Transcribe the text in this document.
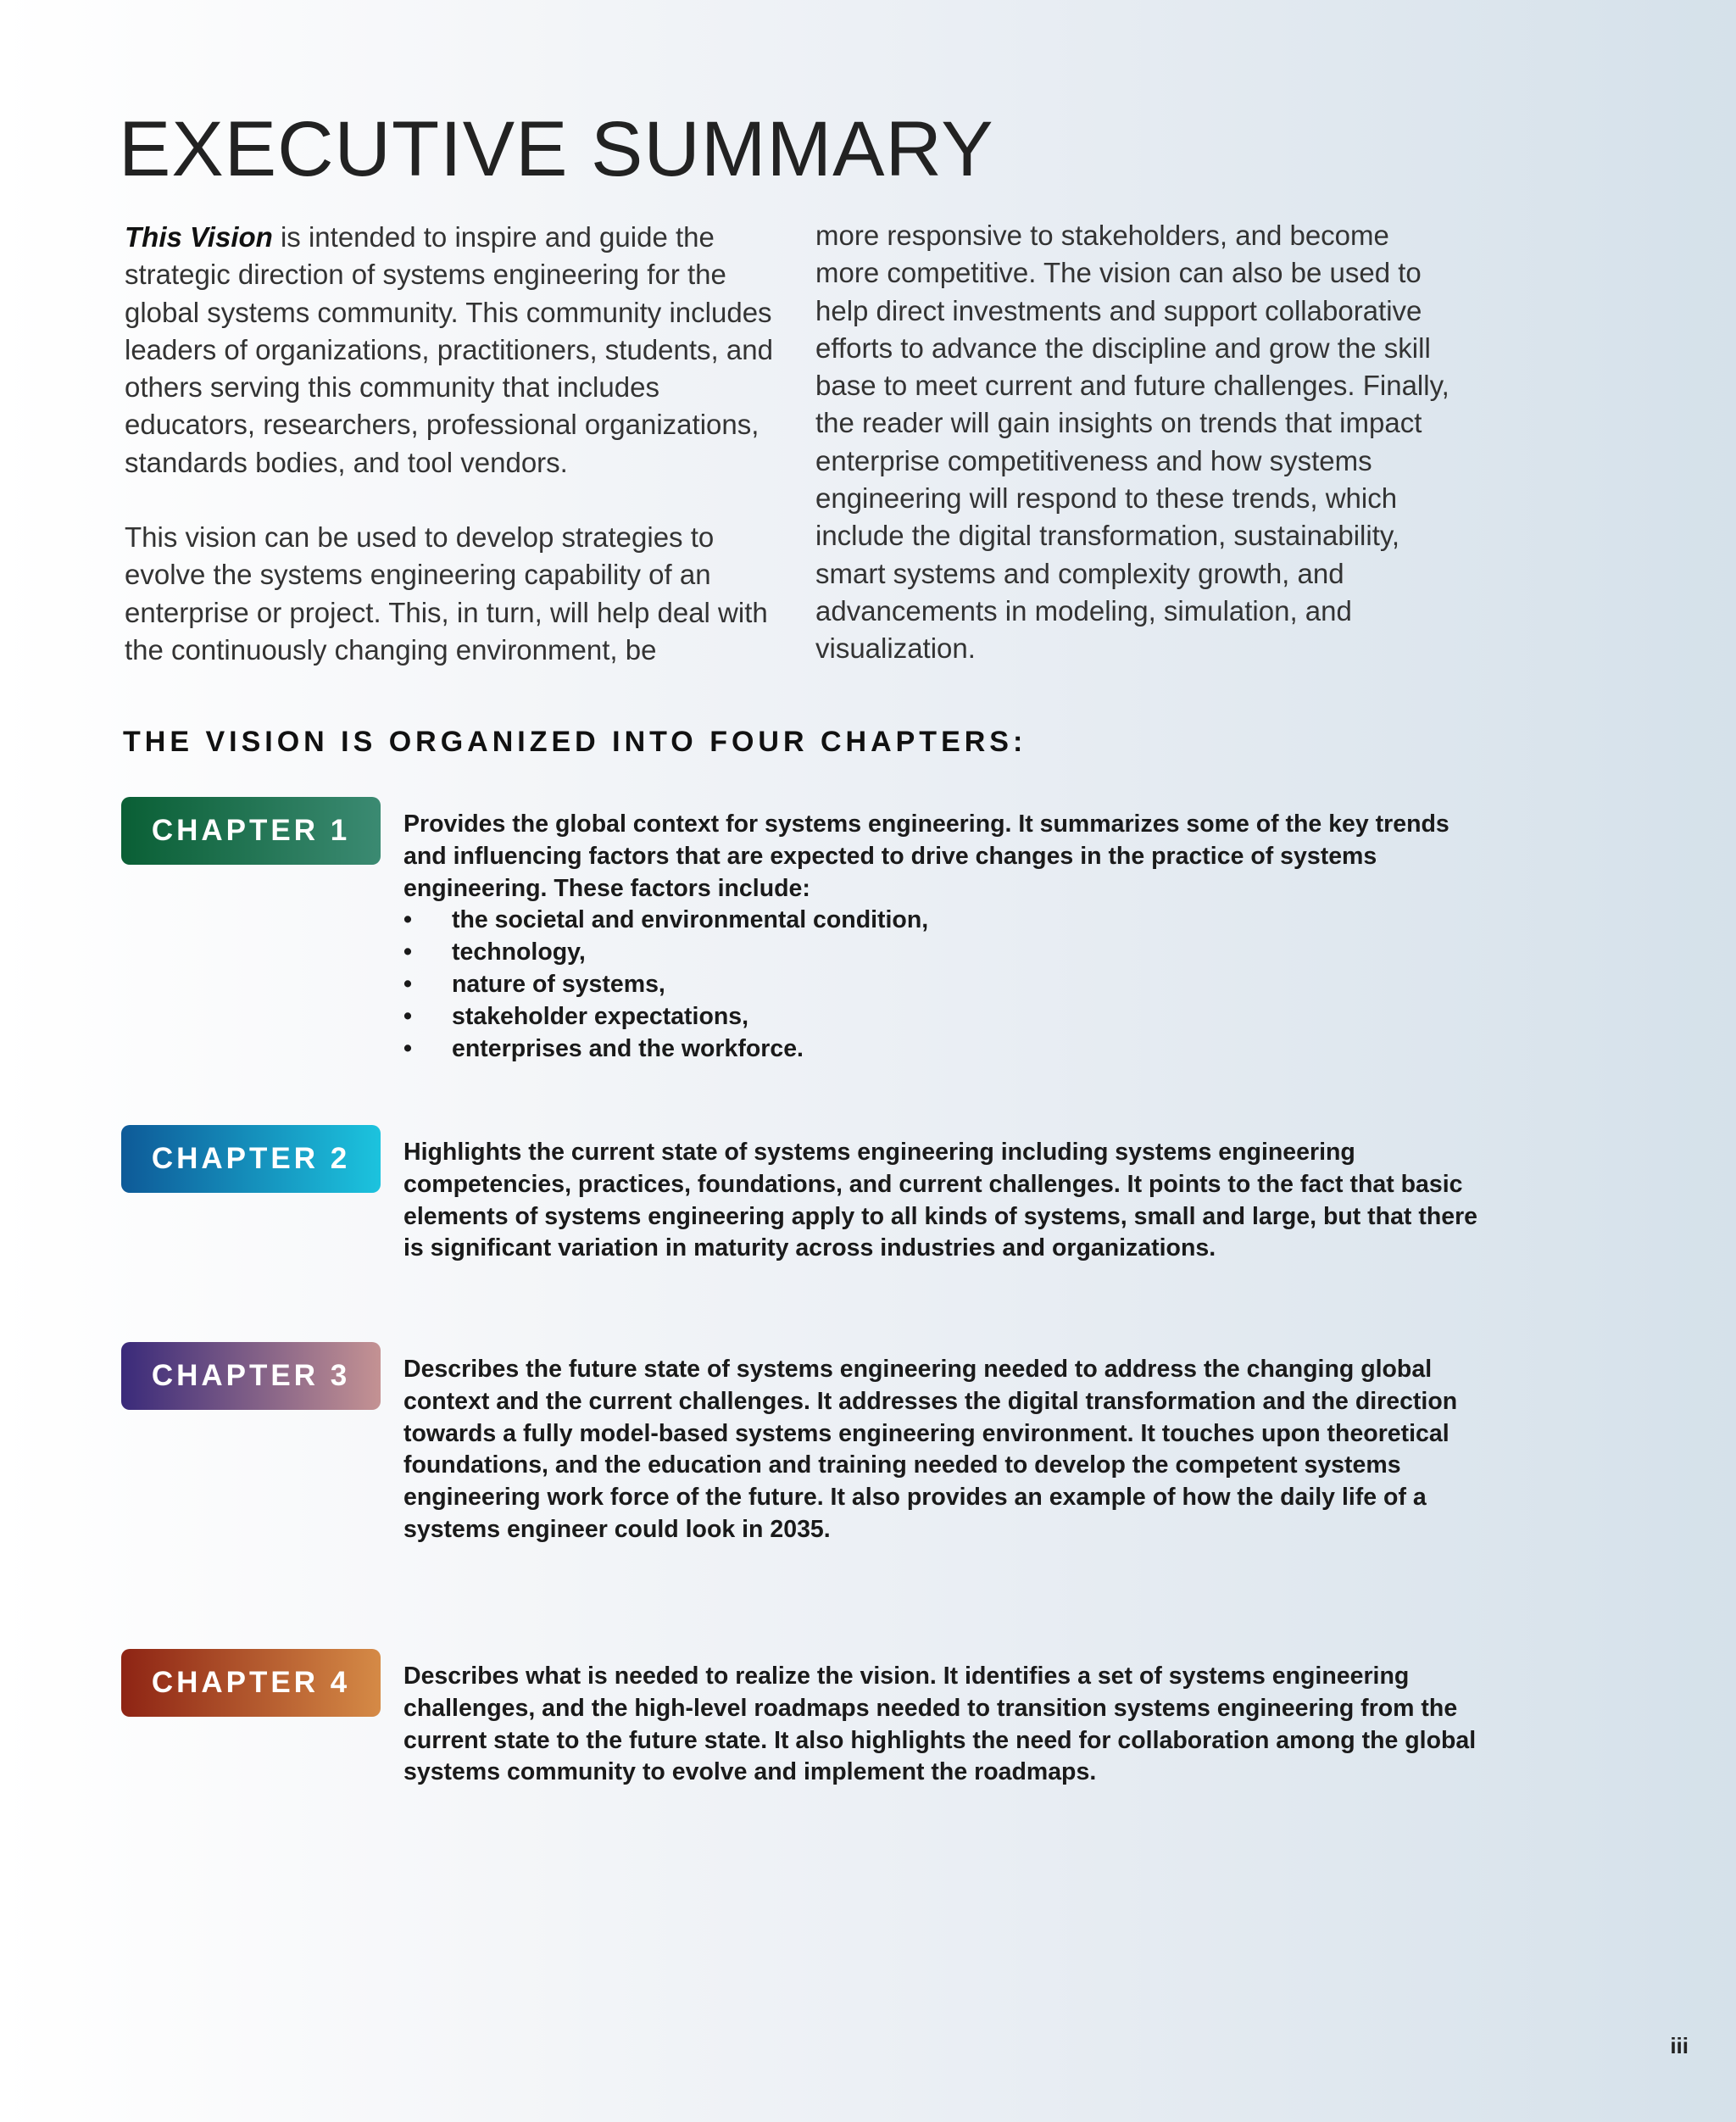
EXECUTIVE SUMMARY

This Vision is intended to inspire and guide the strategic direction of systems engineering for the global systems community. This community includes leaders of organizations, practitioners, students, and others serving this community that includes educators, researchers, professional organizations, standards bodies, and tool vendors.

This vision can be used to develop strategies to evolve the systems engineering capability of an enterprise or project. This, in turn, will help deal with the continuously changing environment, be

more responsive to stakeholders, and become more competitive. The vision can also be used to help direct investments and support collaborative efforts to advance the discipline and grow the skill base to meet current and future challenges. Finally, the reader will gain insights on trends that impact enterprise competitiveness and how systems engineering will respond to these trends, which include the digital transformation, sustainability, smart systems and complexity growth, and advancements in modeling, simulation, and visualization.

THE VISION IS ORGANIZED INTO FOUR CHAPTERS:
CHAPTER 1	Provides the global context for systems engineering. It summarizes some of the key trends and influencing factors that are expected to drive changes in the practice of systems engineering. These factors include:

• the societal and environmental condition,
• technology,
• nature of systems,
• stakeholder expectations,
• enterprises and the workforce.
CHAPTER 2	Highlights the current state of systems engineering including systems engineering competencies, practices, foundations, and current challenges. It points to the fact that basic elements of systems engineering apply to all kinds of systems, small and large, but that there is significant variation in maturity across industries and organizations.

CHAPTER 3	Describes the future state of systems engineering needed to address the changing global context and the current challenges. It addresses the digital transformation and the direction towards a fully model-based systems engineering environment. It touches upon theoretical foundations, and the education and training needed to develop the competent systems engineering work force of the future. It also provides an example of how the daily life of a systems engineer could look in 2035.

CHAPTER 4	Describes what is needed to realize the vision. It identifies a set of systems engineering challenges, and the high-level roadmaps needed to transition systems engineering from the current state to the future state. It also highlights the need for collaboration among the global systems community to evolve and implement the roadmaps.

iii
